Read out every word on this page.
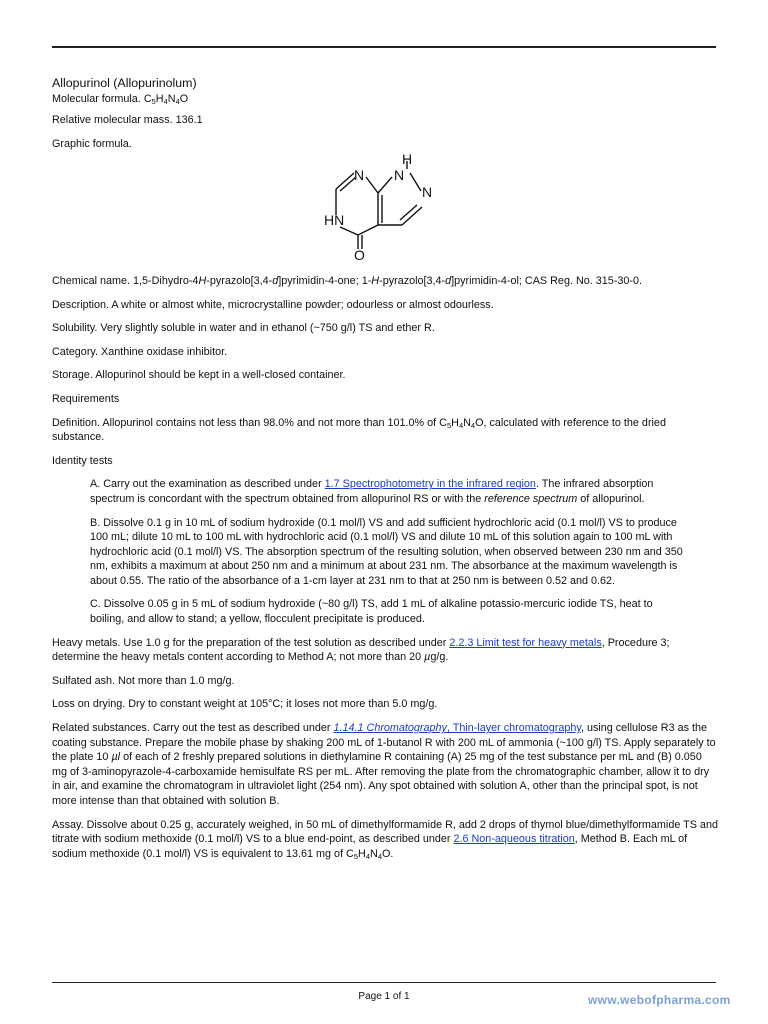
Allopurinol (Allopurinolum)

Molecular formula. $C_5H_4N_4O$

Relative molecular mass. 136.1

Graphic formula.

H
N N
N
HN
O

Chemical name. 1,5-Dihydro-4H-pyrazolo[3,4-d]pyrimidin-4-one; 1-H-pyrazolo[3,4-d]pyrimidin-4-ol; CAS Reg. No. 315-30-0.

Description. A white or almost white, microcrystalline powder; odourless or almost odourless.

Solubility. Very slightly soluble in water and in ethanol (~750 g/l) TS and ether R.

Category. Xanthine oxidase inhibitor.

Storage. Allopurinol should be kept in a well-closed container.

Requirements

Definition. Allopurinol contains not less than 98.0% and not more than 101.0% of $C_5H_4N_4O$, calculated with reference to the dried substance.

Identity tests

A. Carry out the examination as described under 1.7 Spectrophotometry in the infrared region. The infrared absorption spectrum is concordant with the spectrum obtained from allopurinol RS or with the reference spectrum of allopurinol.

B. Dissolve 0.1 g in 10 mL of sodium hydroxide (0.1 mol/l) VS and add sufficient hydrochloric acid (0.1 mol/l) VS to produce 100 mL; dilute 10 mL to 100 mL with hydrochloric acid (0.1 mol/l) VS and dilute 10 mL of this solution again to 100 mL with hydrochloric acid (0.1 mol/l) VS. The absorption spectrum of the resulting solution, when observed between 230 nm and 350 nm, exhibits a maximum at about 250 nm and a minimum at about 231 nm. The absorbance at the maximum wavelength is about 0.55. The ratio of the absorbance of a 1-cm layer at 231 nm to that at 250 nm is between 0.52 and 0.62.

C. Dissolve 0.05 g in 5 mL of sodium hydroxide (~80 g/l) TS, add 1 mL of alkaline potassio-mercuric iodide TS, heat to boiling, and allow to stand; a yellow, flocculent precipitate is produced.

Heavy metals. Use 1.0 g for the preparation of the test solution as described under 2.2.3 Limit test for heavy metals, Procedure 3; determine the heavy metals content according to Method A; not more than 20 µg/g.

Sulfated ash. Not more than 1.0 mg/g.

Loss on drying. Dry to constant weight at 105°C; it loses not more than 5.0 mg/g.

Related substances. Carry out the test as described under 1.14.1 Chromatography, Thin-layer chromatography, using cellulose R3 as the coating substance. Prepare the mobile phase by shaking 200 mL of 1-butanol R with 200 mL of ammonia (~100 g/l) TS. Apply separately to the plate 10 µl of each of 2 freshly prepared solutions in diethylamine R containing (A) 25 mg of the test substance per mL and (B) 0.050 mg of 3-aminopyrazole-4-carboxamide hemisulfate RS per mL. After removing the plate from the chromatographic chamber, allow it to dry in air, and examine the chromatogram in ultraviolet light (254 nm). Any spot obtained with solution A, other than the principal spot, is not more intense than that obtained with solution B.

Assay. Dissolve about 0.25 g, accurately weighed, in 50 mL of dimethylformamide R, add 2 drops of thymol blue/dimethylformamide TS and titrate with sodium methoxide (0.1 mol/l) VS to a blue end-point, as described under 2.6 Non-aqueous titration, Method B. Each mL of sodium methoxide (0.1 mol/l) VS is equivalent to 13.61 mg of $C_5H_4N_4O$.

Page 1 of 1	www.webofpharma.com
